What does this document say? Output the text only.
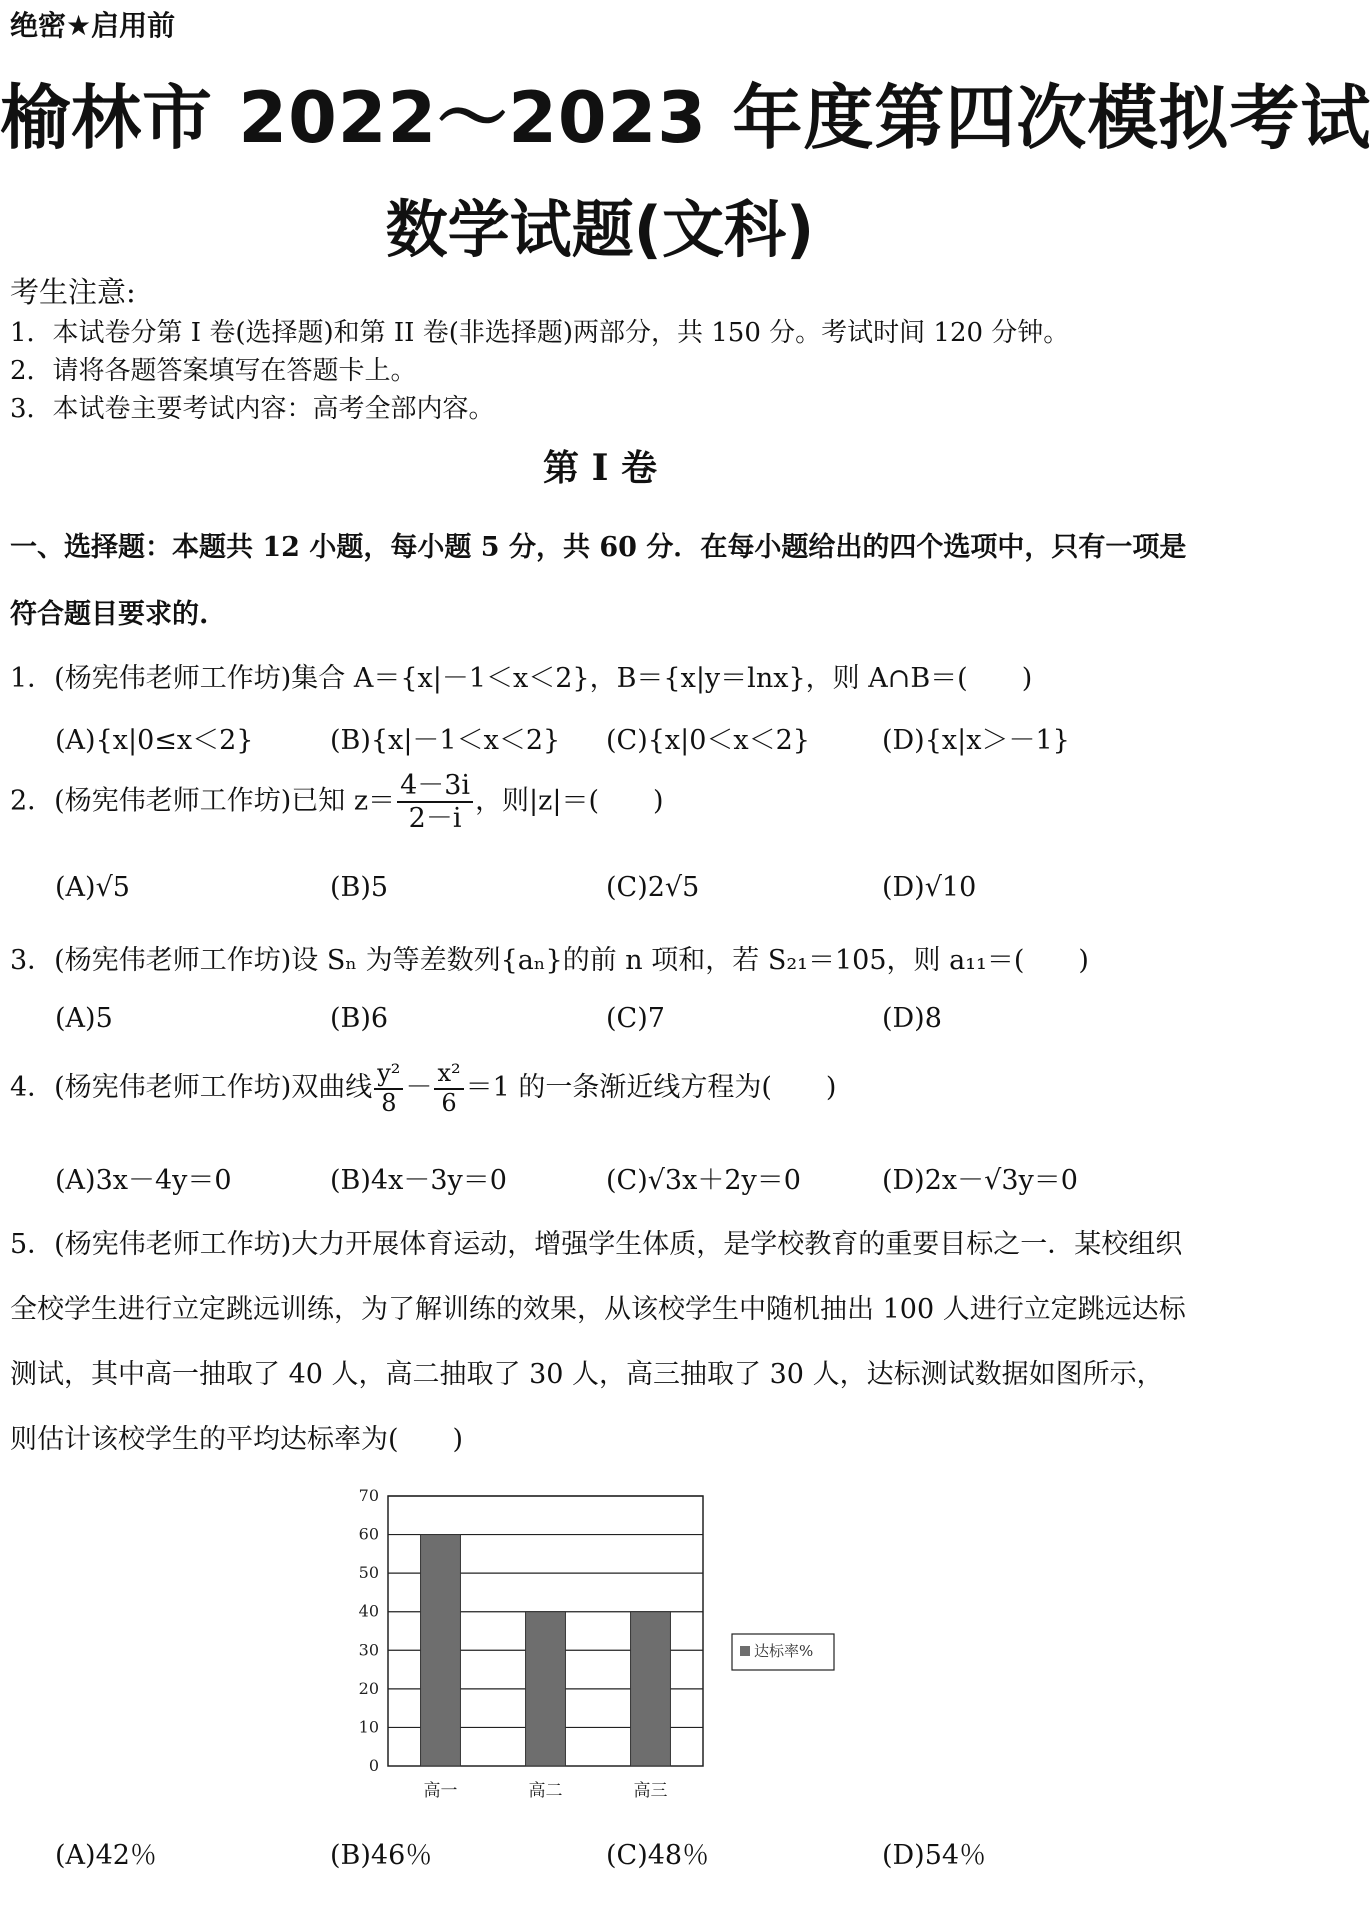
绝密★启用前
榆林市 2022～2023 年度第四次模拟考试
数学试题(文科)
考生注意:
1．本试卷分第 I 卷(选择题)和第 II 卷(非选择题)两部分，共 150 分。考试时间 120 分钟。
2．请将各题答案填写在答题卡上。
3．本试卷主要考试内容：高考全部内容。
第 I 卷
一、选择题：本题共 12 小题，每小题 5 分，共 60 分．在每小题给出的四个选项中，只有一项是
符合题目要求的.
1．(杨宪伟老师工作坊)集合 A＝{x|－1＜x＜2}，B＝{x|y＝lnx}，则 A∩B＝(　　)
(A){x|0≤x＜2}	(B){x|－1＜x＜2} (C){x|0＜x＜2}	(D){x|x＞－1}
2．(杨宪伟老师工作坊)已知 $z= \frac{4-3i}{2-i}$ ，则|z|＝(　　)
(A)√5	(B)5	(C)2√5	(D)√10
3．(杨宪伟老师工作坊)设 Sₙ 为等差数列{aₙ}的前 n 项和，若 S₂₁＝105，则 a₁₁＝(　　)
(A)5	(B)6	(C)7	(D)8
4．(杨宪伟老师工作坊)双曲线 $\frac{\text{y²}}{8} - \frac{\text{x²}}{6} =1$ 的一条渐近线方程为(　　)
(A)3x－4y＝0	(B)4x－3y＝0	(C)√3x＋2y＝0	(D)2x－√3y＝0
5．(杨宪伟老师工作坊)大力开展体育运动，增强学生体质，是学校教育的重要目标之一．某校组织全校学生进行立定跳远训练，为了解训练的效果，从该校学生中随机抽出 100 人进行立定跳远达标测试，其中高一抽取了 40 人，高二抽取了 30 人，高三抽取了 30 人，达标测试数据如图所示，则估计该校学生的平均达标率为(　　)
0
10
20
30
40
50
60
70
高一	高二	高三
达标率%
(A)42％	(B)46％	(C)48％	(D)54％
